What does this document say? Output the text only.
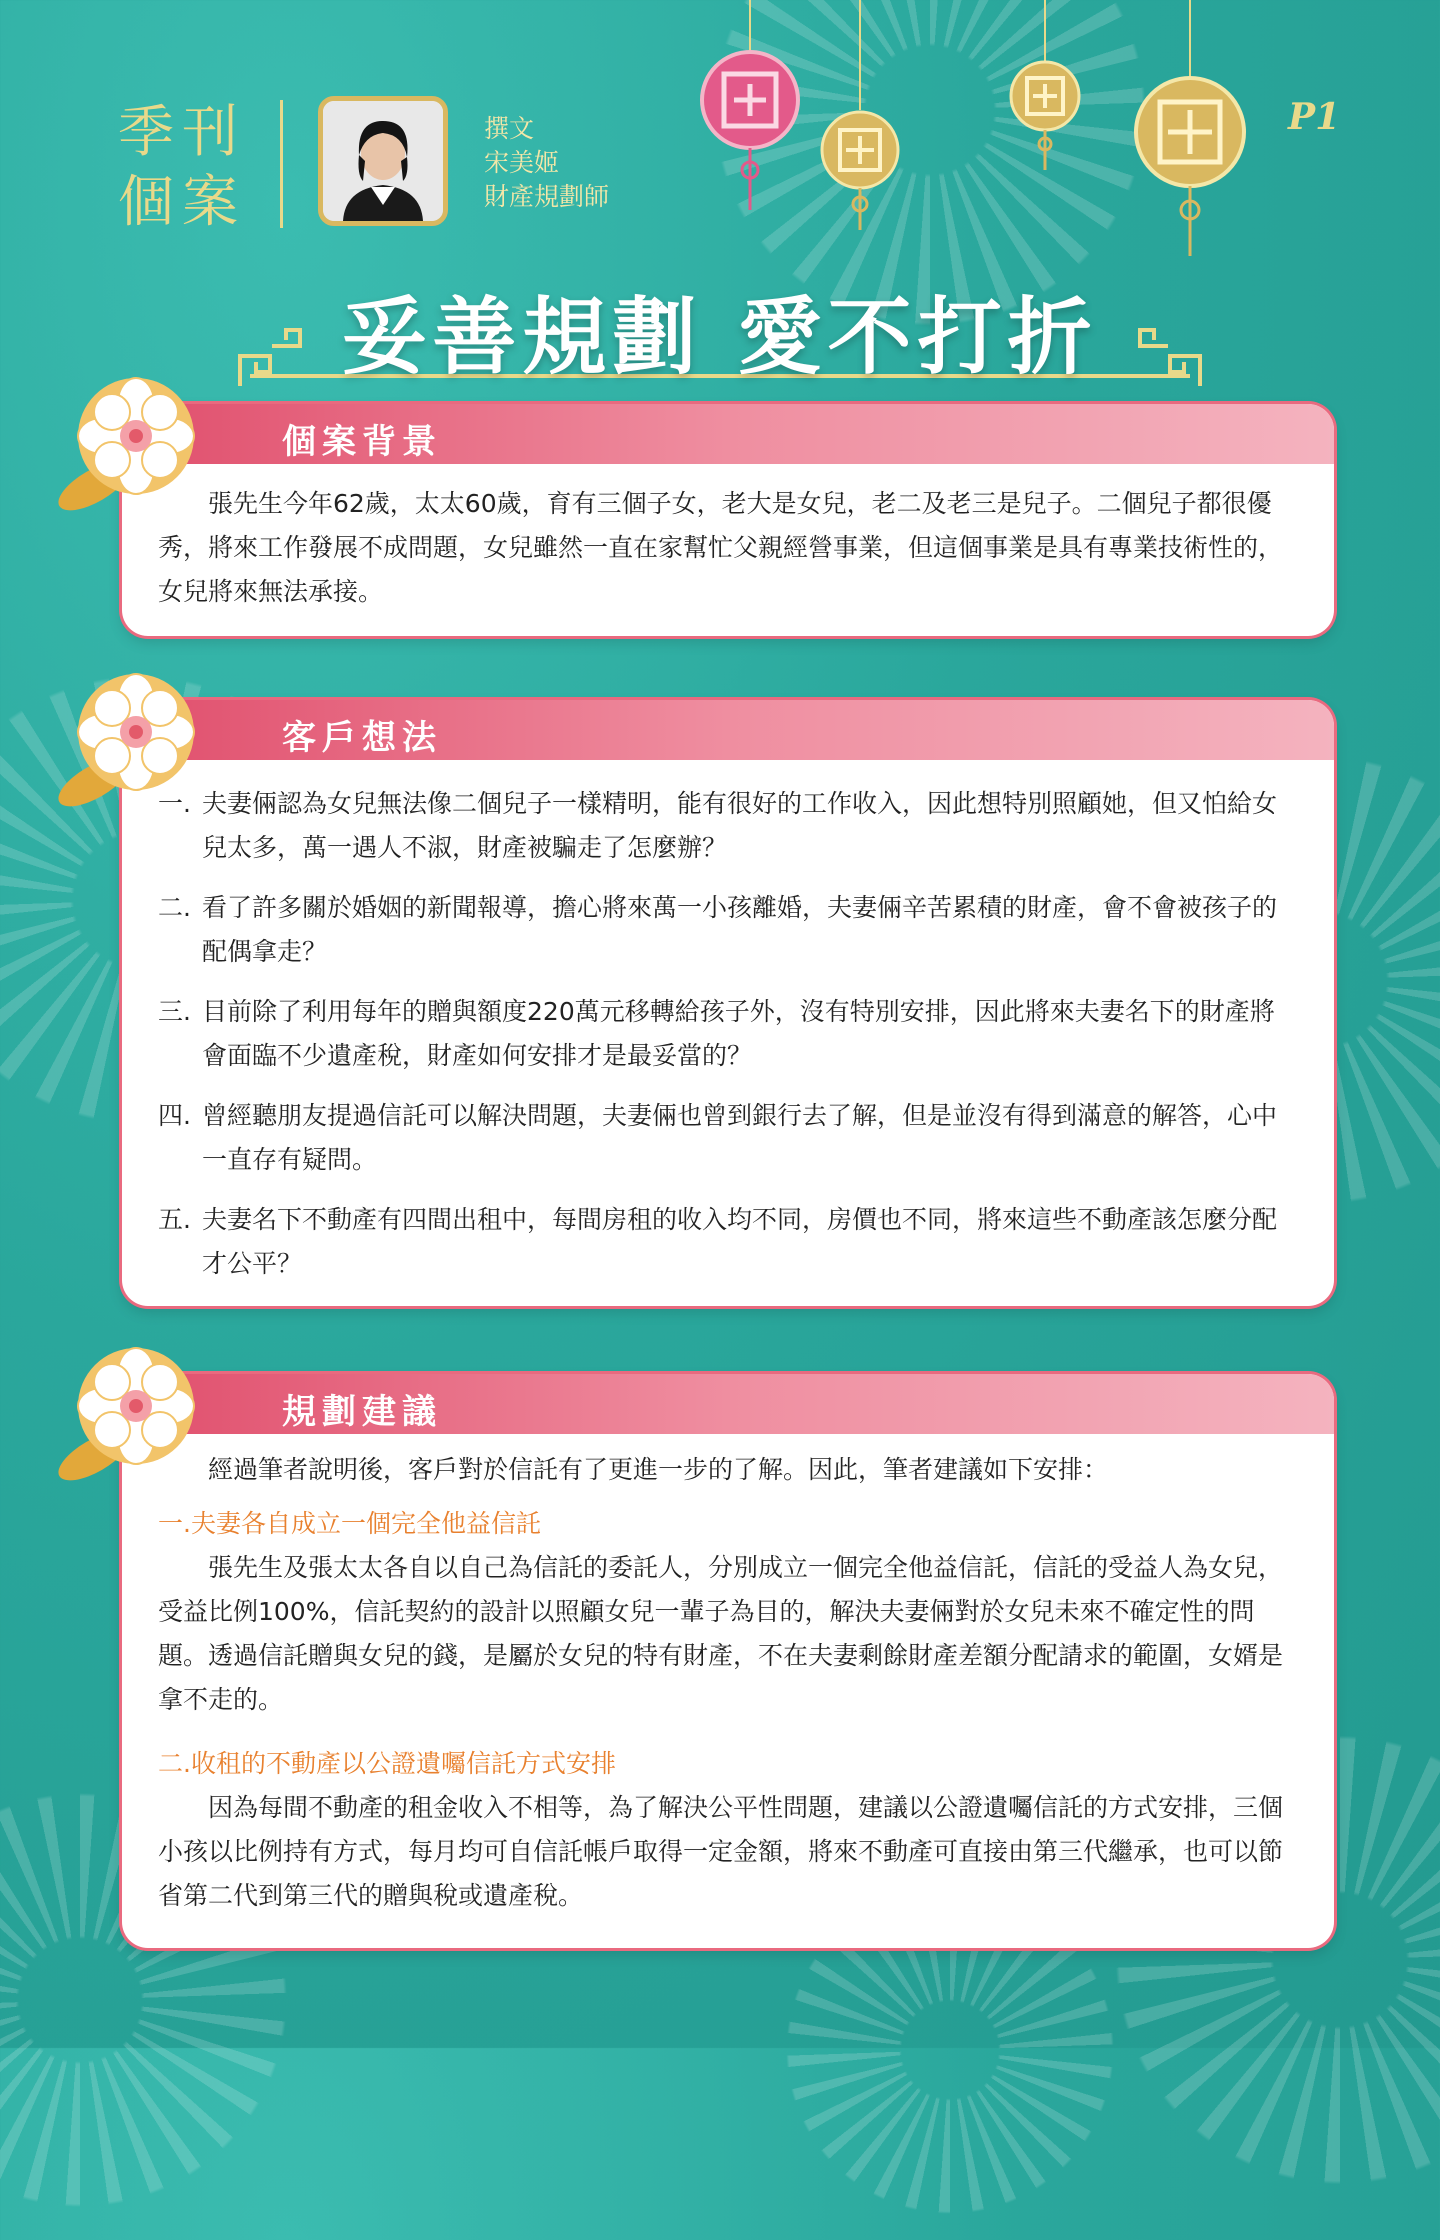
季刊
個案
撰文
宋美姬
財產規劃師
P1
妥善規劃 愛不打折
個案背景

張先生今年62歲，太太60歲，育有三個子女，老大是女兒，老二及老三是兒子。二個兒子都很優秀，將來工作發展不成問題，女兒雖然一直在家幫忙父親經營事業，但這個事業是具有專業技術性的，女兒將來無法承接。

客戶想法
一. 夫妻倆認為女兒無法像二個兒子一樣精明，能有很好的工作收入，因此想特別照顧她，但又怕給女兒太多，萬一遇人不淑，財產被騙走了怎麼辦？
二. 看了許多關於婚姻的新聞報導，擔心將來萬一小孩離婚，夫妻倆辛苦累積的財產，會不會被孩子的配偶拿走？
三. 目前除了利用每年的贈與額度220萬元移轉給孩子外，沒有特別安排，因此將來夫妻名下的財產將會面臨不少遺產稅，財產如何安排才是最妥當的？
四. 曾經聽朋友提過信託可以解決問題，夫妻倆也曾到銀行去了解，但是並沒有得到滿意的解答，心中一直存有疑問。
五. 夫妻名下不動產有四間出租中，每間房租的收入均不同，房價也不同，將來這些不動產該怎麼分配才公平？
規劃建議

經過筆者說明後，客戶對於信託有了更進一步的了解。因此，筆者建議如下安排：

一.夫妻各自成立一個完全他益信託

張先生及張太太各自以自己為信託的委託人，分別成立一個完全他益信託，信託的受益人為女兒，受益比例100%，信託契約的設計以照顧女兒一輩子為目的，解決夫妻倆對於女兒未來不確定性的問題。透過信託贈與女兒的錢，是屬於女兒的特有財產，不在夫妻剩餘財產差額分配請求的範圍，女婿是拿不走的。

二.收租的不動產以公證遺囑信託方式安排

因為每間不動產的租金收入不相等，為了解決公平性問題，建議以公證遺囑信託的方式安排，三個小孩以比例持有方式，每月均可自信託帳戶取得一定金額，將來不動產可直接由第三代繼承，也可以節省第二代到第三代的贈與稅或遺產稅。
